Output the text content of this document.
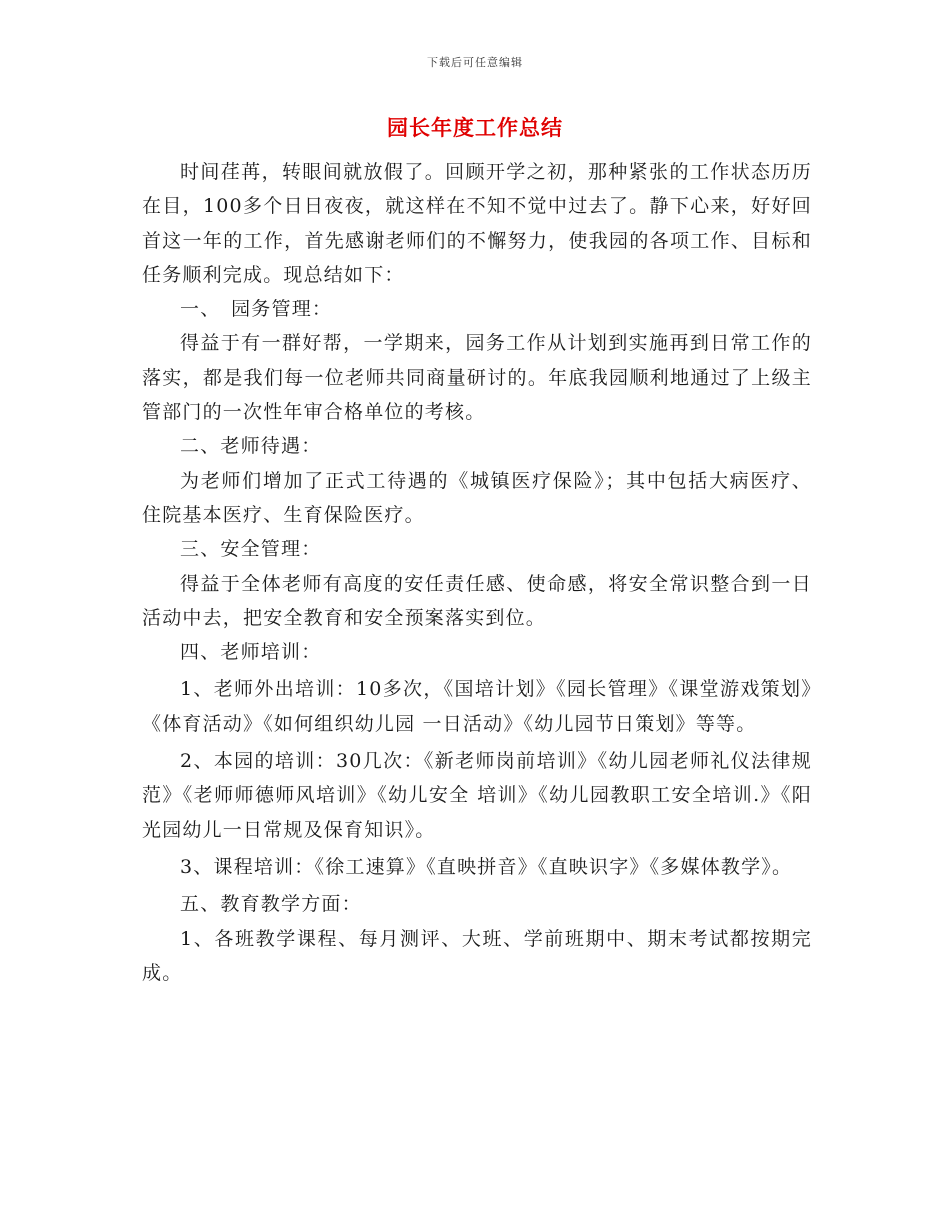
下载后可任意编辑
园长年度工作总结

时间荏苒，转眼间就放假了。回顾开学之初，那种紧张的工作状态历历在目，100多个日日夜夜，就这样在不知不觉中过去了。静下心来，好好回首这一年的工作，首先感谢老师们的不懈努力，使我园的各项工作、目标和任务顺利完成。现总结如下：

一、　园务管理：

得益于有一群好帮，一学期来，园务工作从计划到实施再到日常工作的落实，都是我们每一位老师共同商量研讨的。年底我园顺利地通过了上级主管部门的一次性年审合格单位的考核。

二、老师待遇：

为老师们增加了正式工待遇的《城镇医疗保险》；其中包括大病医疗、住院基本医疗、生育保险医疗。

三、安全管理：

得益于全体老师有高度的安任责任感、使命感，将安全常识整合到一日活动中去，把安全教育和安全预案落实到位。

四、老师培训：

1、老师外出培训：10多次，《国培计划》《园长管理》《课堂游戏策划》《体育活动》《如何组织幼儿园 一日活动》《幼儿园节日策划》等等。

2、本园的培训：30几次：《新老师岗前培训》《幼儿园老师礼仪法律规范》《老师师德师风培训》《幼儿安全 培训》《幼儿园教职工安全培训.》《阳光园幼儿一日常规及保育知识》。

3、课程培训：《徐工速算》《直映拼音》《直映识字》《多媒体教学》。

五、教育教学方面：

1、各班教学课程、每月测评、大班、学前班期中、期末考试都按期完成。
